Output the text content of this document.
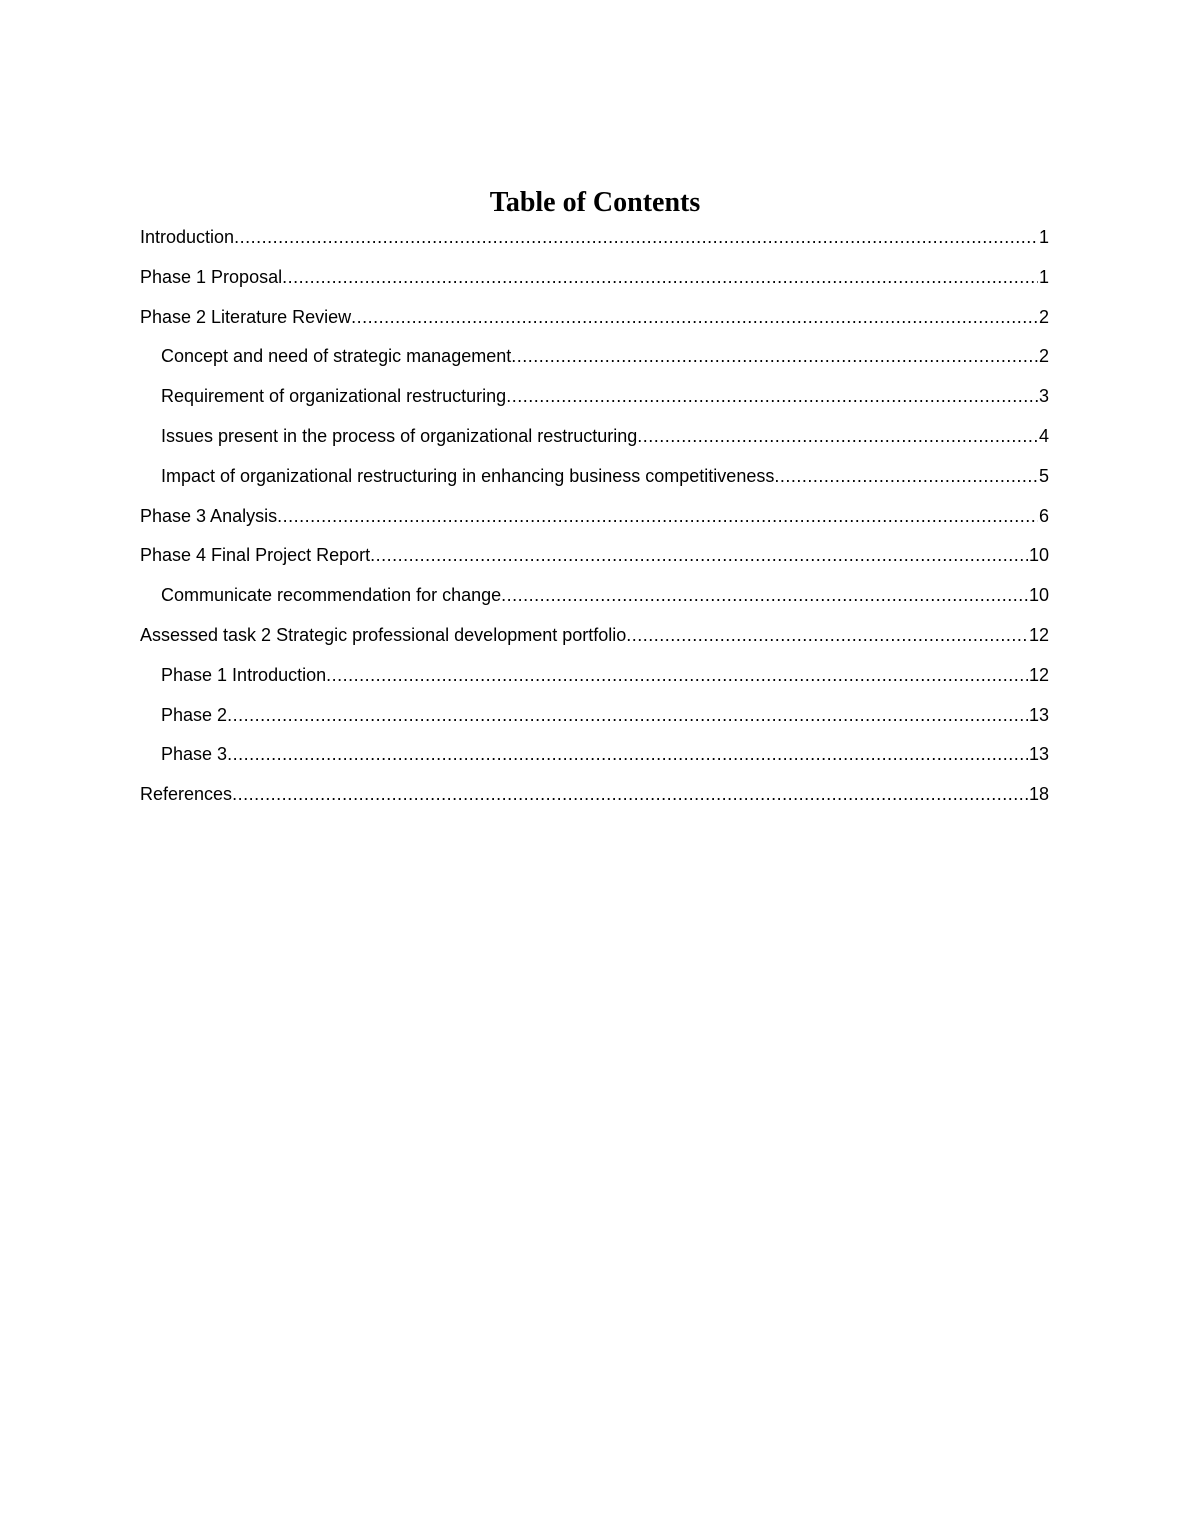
Table of Contents
Introduction .....	1
Phase 1 Proposal .....	1
Phase 2 Literature Review .....	2
Concept and need of strategic management .....	2
Requirement of organizational restructuring .....	3
Issues present in the process of organizational restructuring .....	4
Impact of organizational restructuring in enhancing business competitiveness .....	5
Phase 3 Analysis .....	6
Phase 4 Final Project Report .....	10
Communicate recommendation for change .....	10
Assessed task 2 Strategic professional development portfolio .....	12
Phase 1 Introduction .....	12
Phase 2 .....	13
Phase 3 .....	13
References .....	18
